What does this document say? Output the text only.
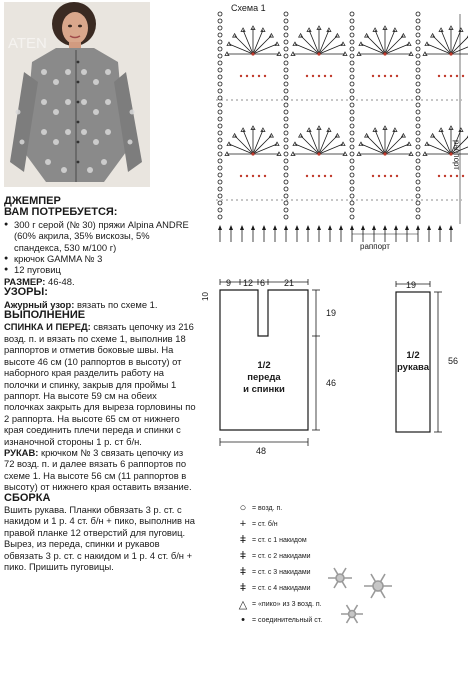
ATEN

ДЖЕМПЕР

ВАМ ПОТРЕБУЕТСЯ:

● 300 г серой (№ 30) пряжи Alpina ANDRE (60% акрила, 35% вискозы, 5% спандекса, 530 м/100 г)

● крючок GAMMA № 3

● 12 пуговиц

РАЗМЕР: 46-48.

УЗОРЫ:

Ажурный узор: вязать по схеме 1.

ВЫПОЛНЕНИЕ

СПИНКА И ПЕРЕД: связать цепочку из 216 возд. п. и вязать по схеме 1, выполнив 18 раппортов и отметив боковые швы. На высоте 46 см (10 раппортов в высоту) от наборного края разделить работу на полочки и спинку, закрыв для проймы 1 раппорт. На высоте 59 см на обеих полочках закрыть для выреза горловины по 2 раппорта. На высоте 65 см от нижнего края соединить плечи переда и спинки с изнаночной стороны 1 р. ст б/н.

РУКАВ: крючком № 3 связать цепочку из 72 возд. п. и далее вязать 6 раппортов по схеме 1. На высоте 56 см (11 раппортов в высоту) от нижнего края оставить вязание.

СБОРКА

Вшить рукава. Планки обвязать 3 р. ст. с накидом и 1 р. 4 ст. б/н + пико, выполнив на правой планке 12 отверстий для пуговиц. Вырез, из переда, спинки и рукавов обвязать 3 р. ст. с накидом и 1 р. 4 ст. б/н + пико. Пришить пуговицы.

Схема 1
раппорт
раппорт
9 12 6 21
10
19
46
48
1/2
переда
и спинки
19
1/2
рукава
56
○ = возд. п.
+ = ст. б/н
ǂ = ст. с 1 накидом
ǂ = ст. с 2 накидами
ǂ = ст. с 3 накидами
ǂ = ст. с 4 накидами
△ = «пико» из 3 возд. п.
•	= соединительный ст.
